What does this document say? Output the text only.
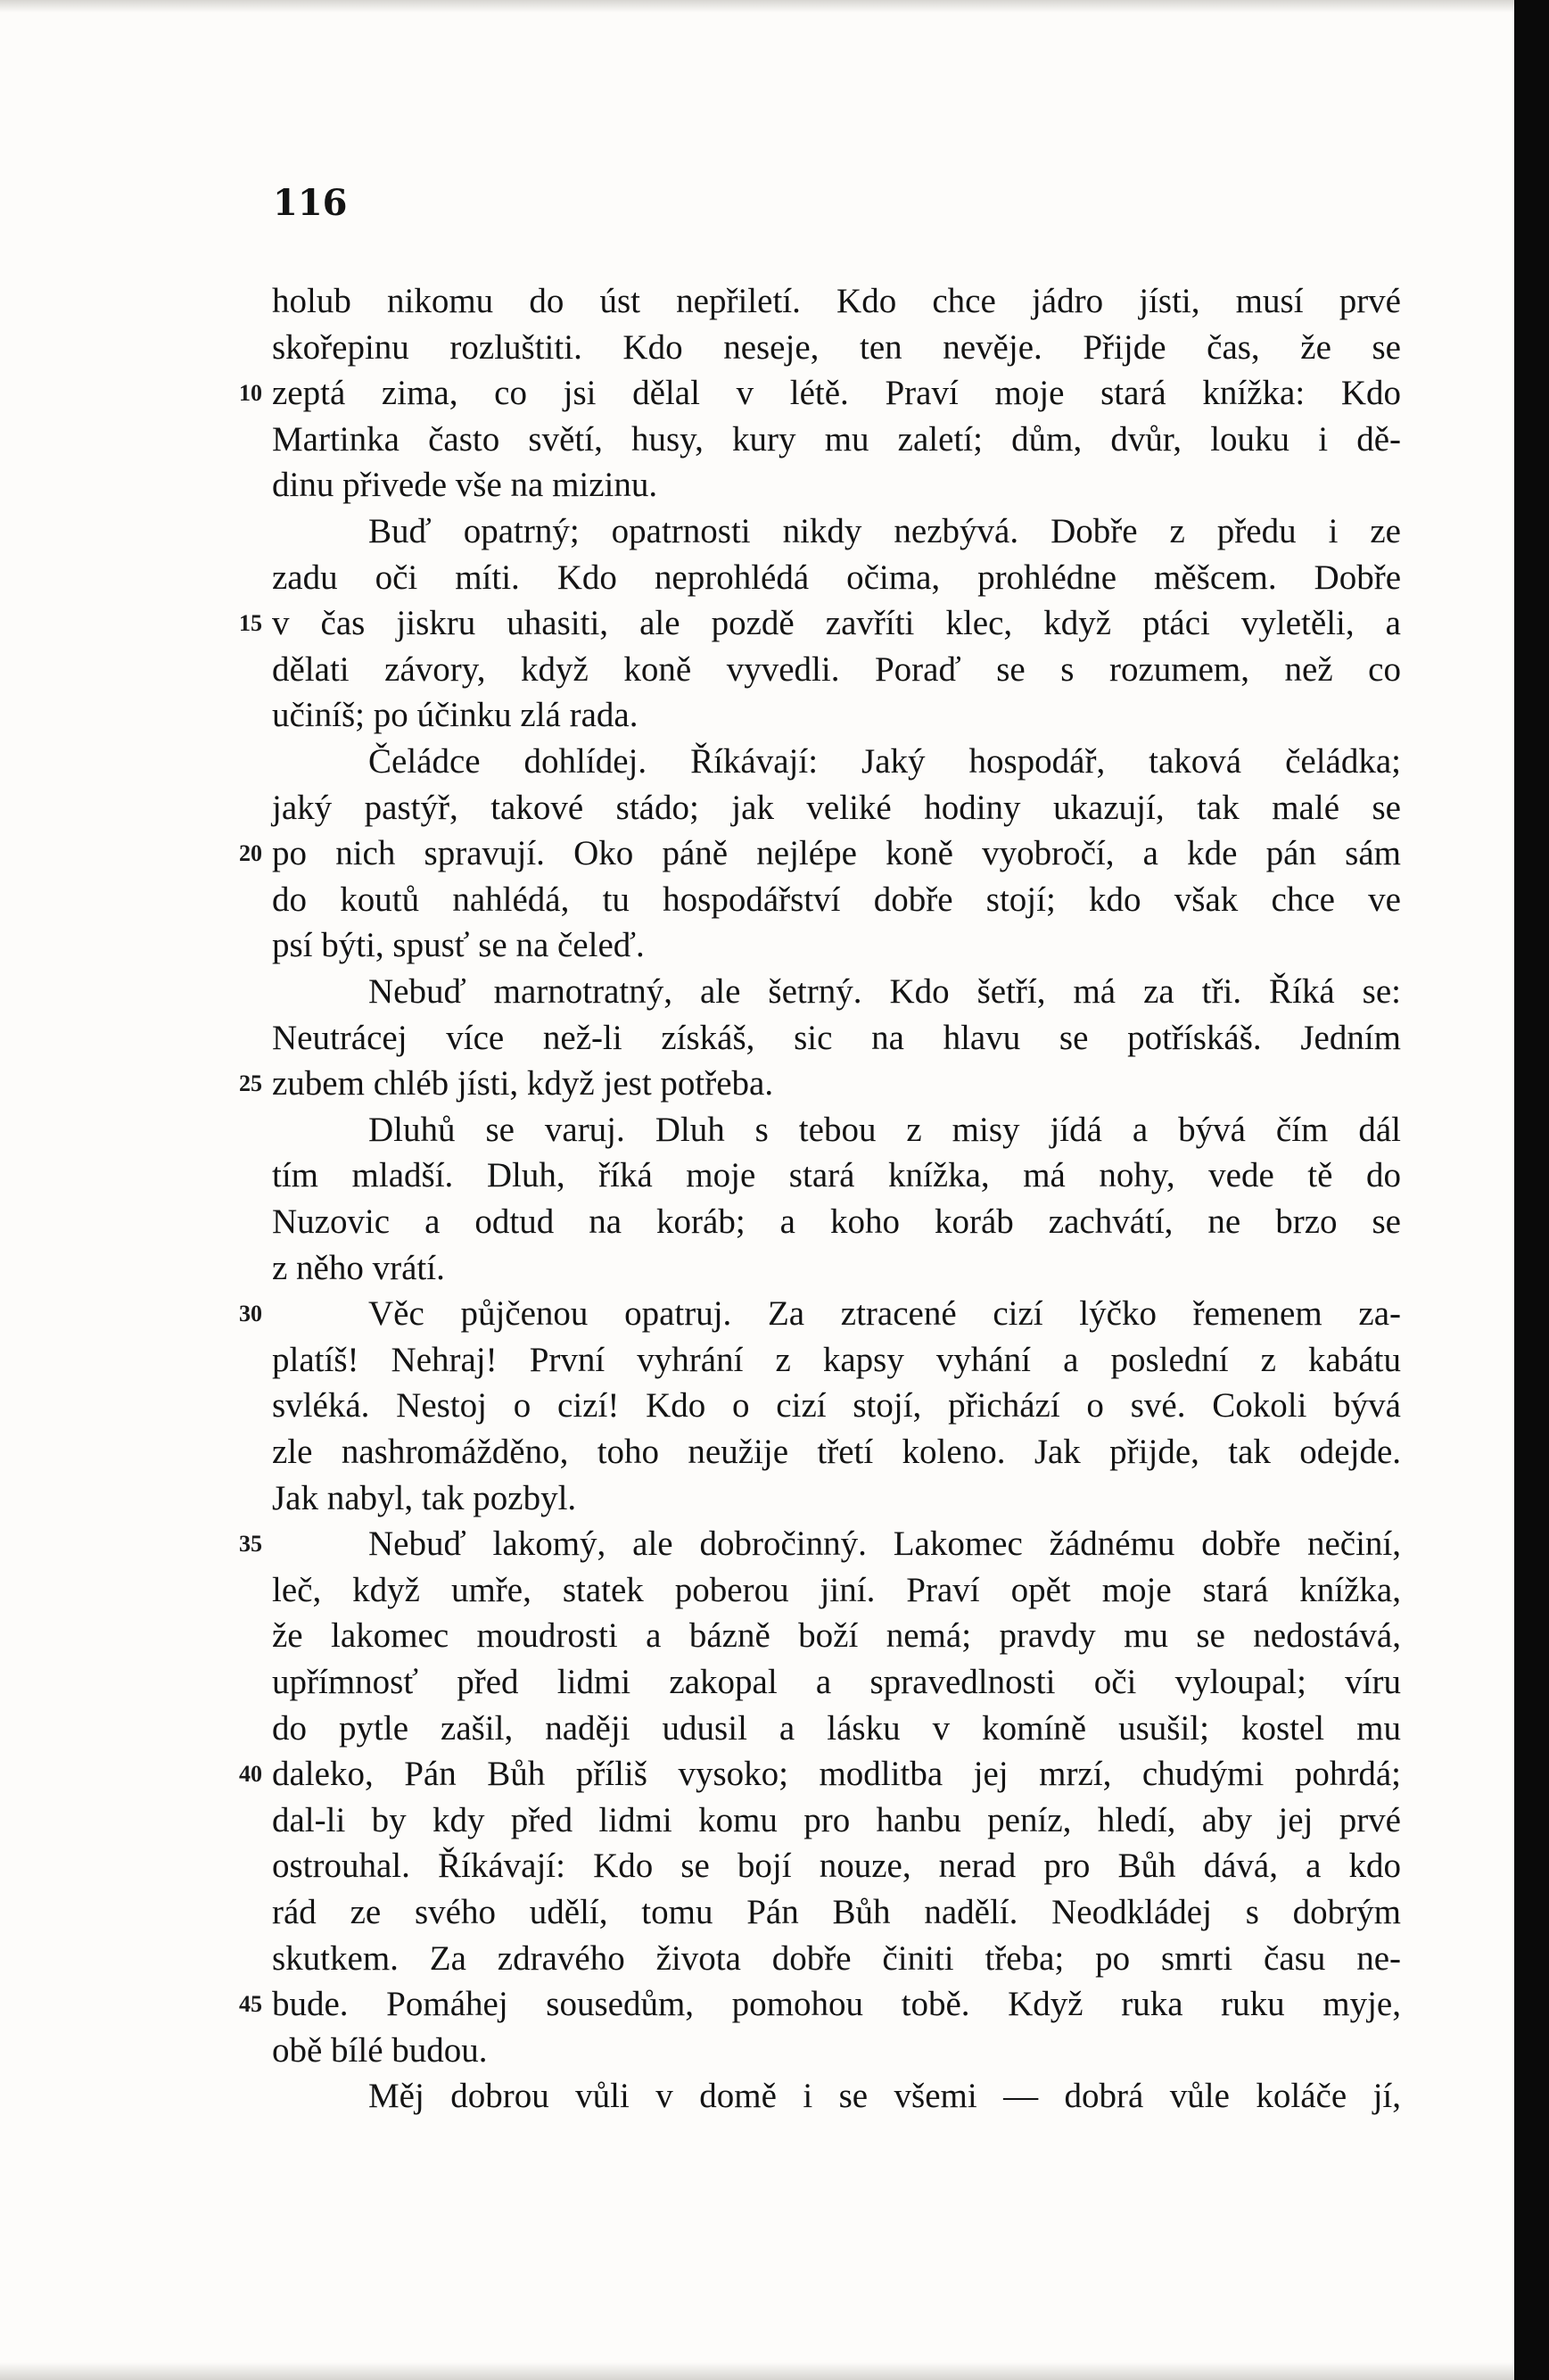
116
holub nikomu do úst nepřiletí. Kdo chce jádro jísti, musí prvé
skořepinu rozluštiti. Kdo neseje, ten nevěje. Přijde čas, že se
zeptá zima, co jsi dělal v létě. Praví moje stará knížka: Kdo
10
Martinka často světí, husy, kury mu zaletí; dům, dvůr, louku i dě-
dinu přivede vše na mizinu.
Buď opatrný; opatrnosti nikdy nezbývá. Dobře z předu i ze
zadu oči míti. Kdo neprohlédá očima, prohlédne měšcem. Dobře
v čas jiskru uhasiti, ale pozdě zavříti klec, když ptáci vyletěli, a
15
dělati závory, když koně vyvedli. Poraď se s rozumem, než co
učiníš; po účinku zlá rada.
Čeládce dohlídej. Říkávají: Jaký hospodář, taková čeládka;
jaký pastýř, takové stádo; jak veliké hodiny ukazují, tak malé se
po nich spravují. Oko páně nejlépe koně vyobročí, a kde pán sám
20
do koutů nahlédá, tu hospodářství dobře stojí; kdo však chce ve
psí býti, spusť se na čeleď.
Nebuď marnotratný, ale šetrný. Kdo šetří, má za tři. Říká se:
Neutrácej více než-li získáš, sic na hlavu se potřískáš. Jedním
zubem chléb jísti, když jest potřeba.
25
Dluhů se varuj. Dluh s tebou z misy jídá a bývá čím dál
tím mladší. Dluh, říká moje stará knížka, má nohy, vede tě do
Nuzovic a odtud na koráb; a koho koráb zachvátí, ne brzo se
z něho vrátí.
Věc půjčenou opatruj. Za ztracené cizí lýčko řemenem za-
30
platíš! Nehraj! První vyhrání z kapsy vyhání a poslední z kabátu
svléká. Nestoj o cizí! Kdo o cizí stojí, přichází o své. Cokoli bývá
zle nashromážděno, toho neužije třetí koleno. Jak přijde, tak odejde.
Jak nabyl, tak pozbyl.
Nebuď lakomý, ale dobročinný. Lakomec žádnému dobře nečiní,
35
leč, když umře, statek poberou jiní. Praví opět moje stará knížka,
že lakomec moudrosti a bázně boží nemá; pravdy mu se nedostává,
upřímnosť před lidmi zakopal a spravedlnosti oči vyloupal; víru
do pytle zašil, naději udusil a lásku v komíně usušil; kostel mu
daleko, Pán Bůh příliš vysoko; modlitba jej mrzí, chudými pohrdá;
40
dal-li by kdy před lidmi komu pro hanbu peníz, hledí, aby jej prvé
ostrouhal. Říkávají: Kdo se bojí nouze, nerad pro Bůh dává, a kdo
rád ze svého udělí, tomu Pán Bůh nadělí. Neodkládej s dobrým
skutkem. Za zdravého života dobře činiti třeba; po smrti času ne-
bude. Pomáhej sousedům, pomohou tobě. Když ruka ruku myje,
45
obě bílé budou.
Měj dobrou vůli v domě i se všemi — dobrá vůle koláče jí,
